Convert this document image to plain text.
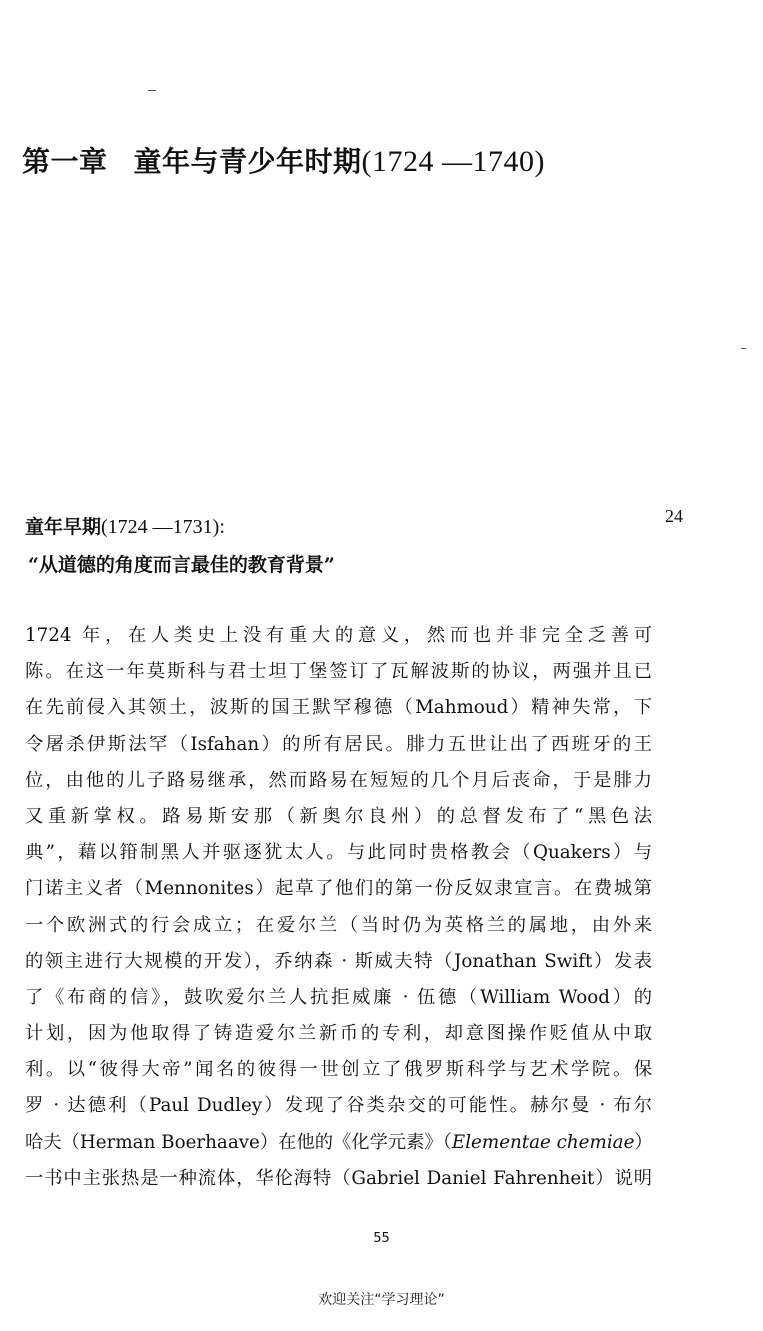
第一章 童年与青少年时期(1724 —1740)
24
童年早期(1724 —1731):
“从道德的角度而言最佳的教育背景”
1724 年，在人类史上没有重大的意义，然而也并非完全乏善可
陈。在这一年莫斯科与君士坦丁堡签订了瓦解波斯的协议，两强并且已
在先前侵入其领土，波斯的国王默罕穆德（Mahmoud）精神失常，下
令屠杀伊斯法罕（Isfahan）的所有居民。腓力五世让出了西班牙的王
位，由他的儿子路易继承，然而路易在短短的几个月后丧命，于是腓力
又重新掌权。路易斯安那（新奥尔良州）的总督发布了“黑色法
典”，藉以箝制黑人并驱逐犹太人。与此同时贵格教会（Quakers）与
门诺主义者（Mennonites）起草了他们的第一份反奴隶宣言。在费城第
一个欧洲式的行会成立；在爱尔兰（当时仍为英格兰的属地，由外来
的领主进行大规模的开发），乔纳森 · 斯威夫特（Jonathan Swift）发表
了《布商的信》，鼓吹爱尔兰人抗拒威廉 · 伍德（William Wood）的
计划，因为他取得了铸造爱尔兰新币的专利，却意图操作贬值从中取
利。以“彼得大帝”闻名的彼得一世创立了俄罗斯科学与艺术学院。保
罗 · 达德利（Paul Dudley）发现了谷类杂交的可能性。赫尔曼 · 布尔
哈夫（Herman Boerhaave）在他的《化学元素》（Elementae chemiae）
一书中主张热是一种流体，华伦海特（Gabriel Daniel Fahrenheit）说明
55
欢迎关注“学习理论”
